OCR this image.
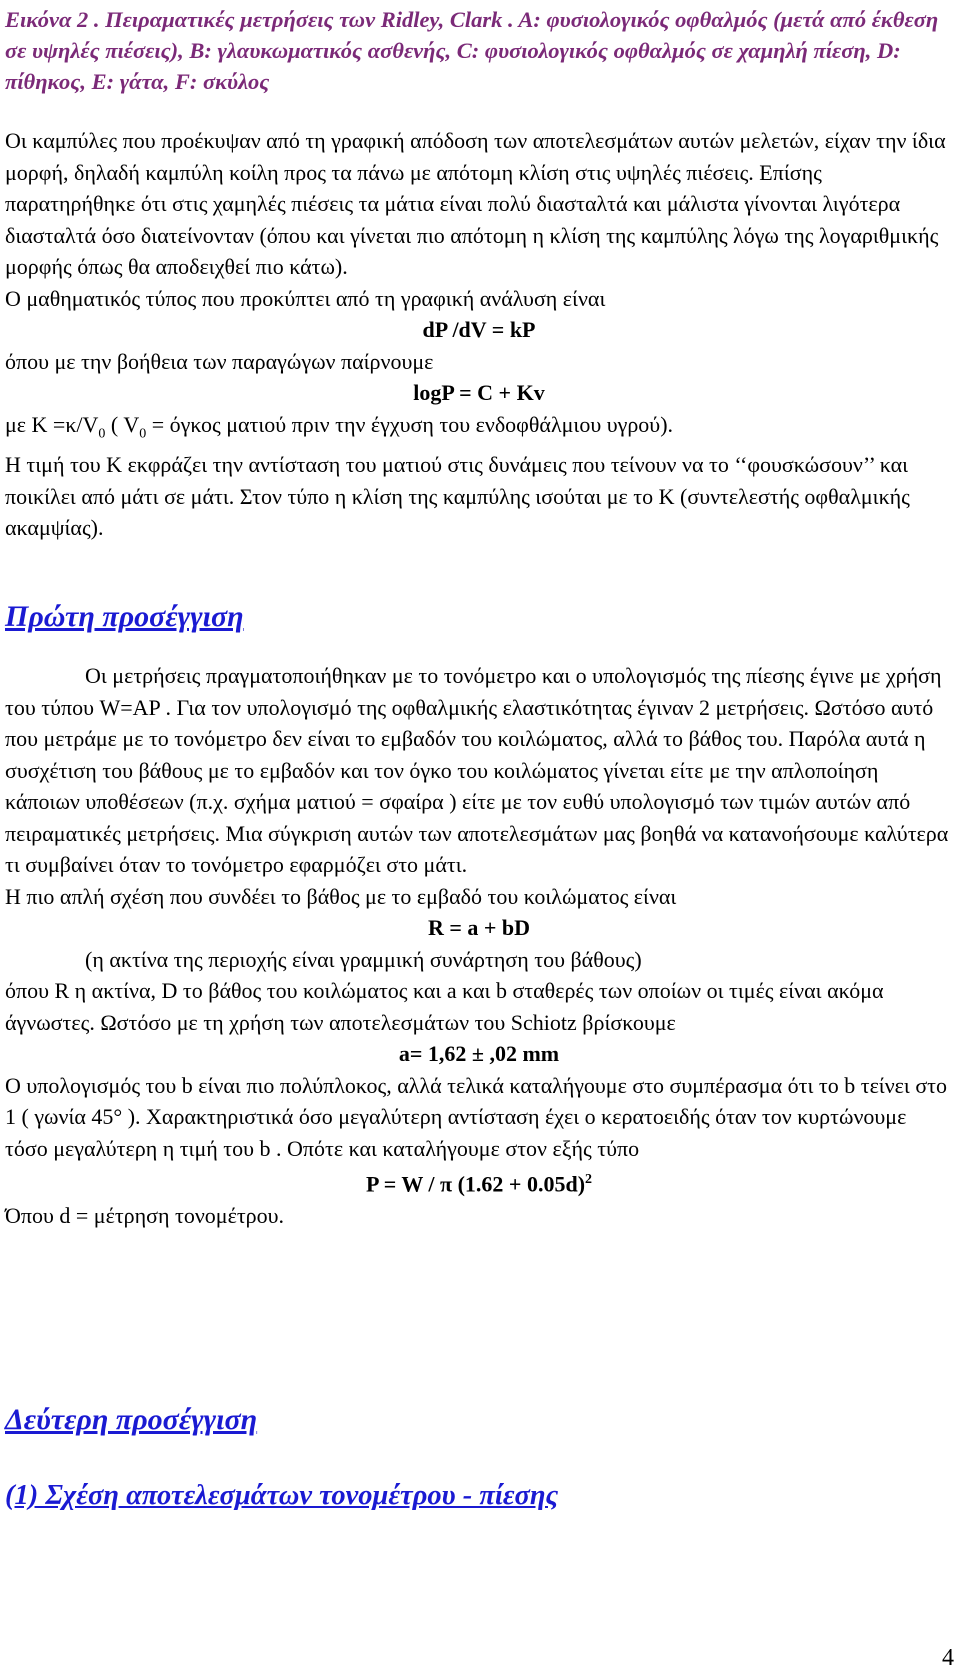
Εικόνα 2 . Πειραματικές μετρήσεις των Ridley, Clark . A: φυσιολογικός οφθαλμός (μετά από έκθεση σε υψηλές πιέσεις), B: γλαυκωματικός ασθενής, C: φυσιολογικός οφθαλμός σε χαμηλή πίεση, D: πίθηκος, E: γάτα, F: σκύλος

Οι καμπύλες που προέκυψαν από τη γραφική απόδοση των αποτελεσμάτων αυτών μελετών, είχαν την ίδια μορφή, δηλαδή καμπύλη κοίλη προς τα πάνω με απότομη κλίση στις υψηλές πιέσεις. Επίσης παρατηρήθηκε ότι στις χαμηλές πιέσεις τα μάτια είναι πολύ διασταλτά και μάλιστα γίνονται λιγότερα διασταλτά όσο διατείνονταν (όπου και γίνεται πιο απότομη η κλίση της καμπύλης λόγω της λογαριθμικής μορφής όπως θα αποδειχθεί πιο κάτω).

Ο μαθηματικός τύπος που προκύπτει από τη γραφική ανάλυση είναι

dP /dV = kP

όπου με την βοήθεια των παραγώγων παίρνουμε

logP = C + Kv

με $K =\kappa/V_0$ ( $V_0 = ό\gamma\kappa o\varsigma$ ματιού πριν την έγχυση του ενδοφθάλμιου υγρού).

Η τιμή του Κ εκφράζει την αντίσταση του ματιού στις δυνάμεις που τείνουν να το ‘‘φουσκώσουν’’ και ποικίλει από μάτι σε μάτι. Στον τύπο η κλίση της καμπύλης ισούται με το Κ (συντελεστής οφθαλμικής ακαμψίας).

Πρώτη προσέγγιση

Οι μετρήσεις πραγματοποιήθηκαν με το τονόμετρο και ο υπολογισμός της πίεσης έγινε με χρήση του τύπου W=AP . Για τον υπολογισμό της οφθαλμικής ελαστικότητας έγιναν 2 μετρήσεις. Ωστόσο αυτό που μετράμε με το τονόμετρο δεν είναι το εμβαδόν του κοιλώματος, αλλά το βάθος του. Παρόλα αυτά η συσχέτιση του βάθους με το εμβαδόν και τον όγκο του κοιλώματος γίνεται είτε με την απλοποίηση κάποιων υποθέσεων (π.χ. σχήμα ματιού = σφαίρα ) είτε με τον ευθύ υπολογισμό των τιμών αυτών από πειραματικές μετρήσεις. Μια σύγκριση αυτών των αποτελεσμάτων μας βοηθά να κατανοήσουμε καλύτερα τι συμβαίνει όταν το τονόμετρο εφαρμόζει στο μάτι.

Η πιο απλή σχέση που συνδέει το βάθος με το εμβαδό του κοιλώματος είναι

R = a + bD

(η ακτίνα της περιοχής είναι γραμμική συνάρτηση του βάθους)

όπου R η ακτίνα, D το βάθος του κοιλώματος και a και b σταθερές των οποίων οι τιμές είναι ακόμα άγνωστες. Ωστόσο με τη χρήση των αποτελεσμάτων του Schiotz βρίσκουμε

a= 1,62 ± ,02 mm

Ο υπολογισμός του b είναι πιο πολύπλοκος, αλλά τελικά καταλήγουμε στο συμπέρασμα ότι το b τείνει στο 1 ( γωνία 45° ). Χαρακτηριστικά όσο μεγαλύτερη αντίσταση έχει ο κερατοειδής όταν τον κυρτώνουμε τόσο μεγαλύτερη η τιμή του b . Οπότε και καταλήγουμε στον εξής τύπο

P = W / π $(1.62 + 0.05d)^2$

Όπου d = μέτρηση τονομέτρου.

Δεύτερη προσέγγιση
(1) Σχέση αποτελεσμάτων τονομέτρου - πίεσης
4
